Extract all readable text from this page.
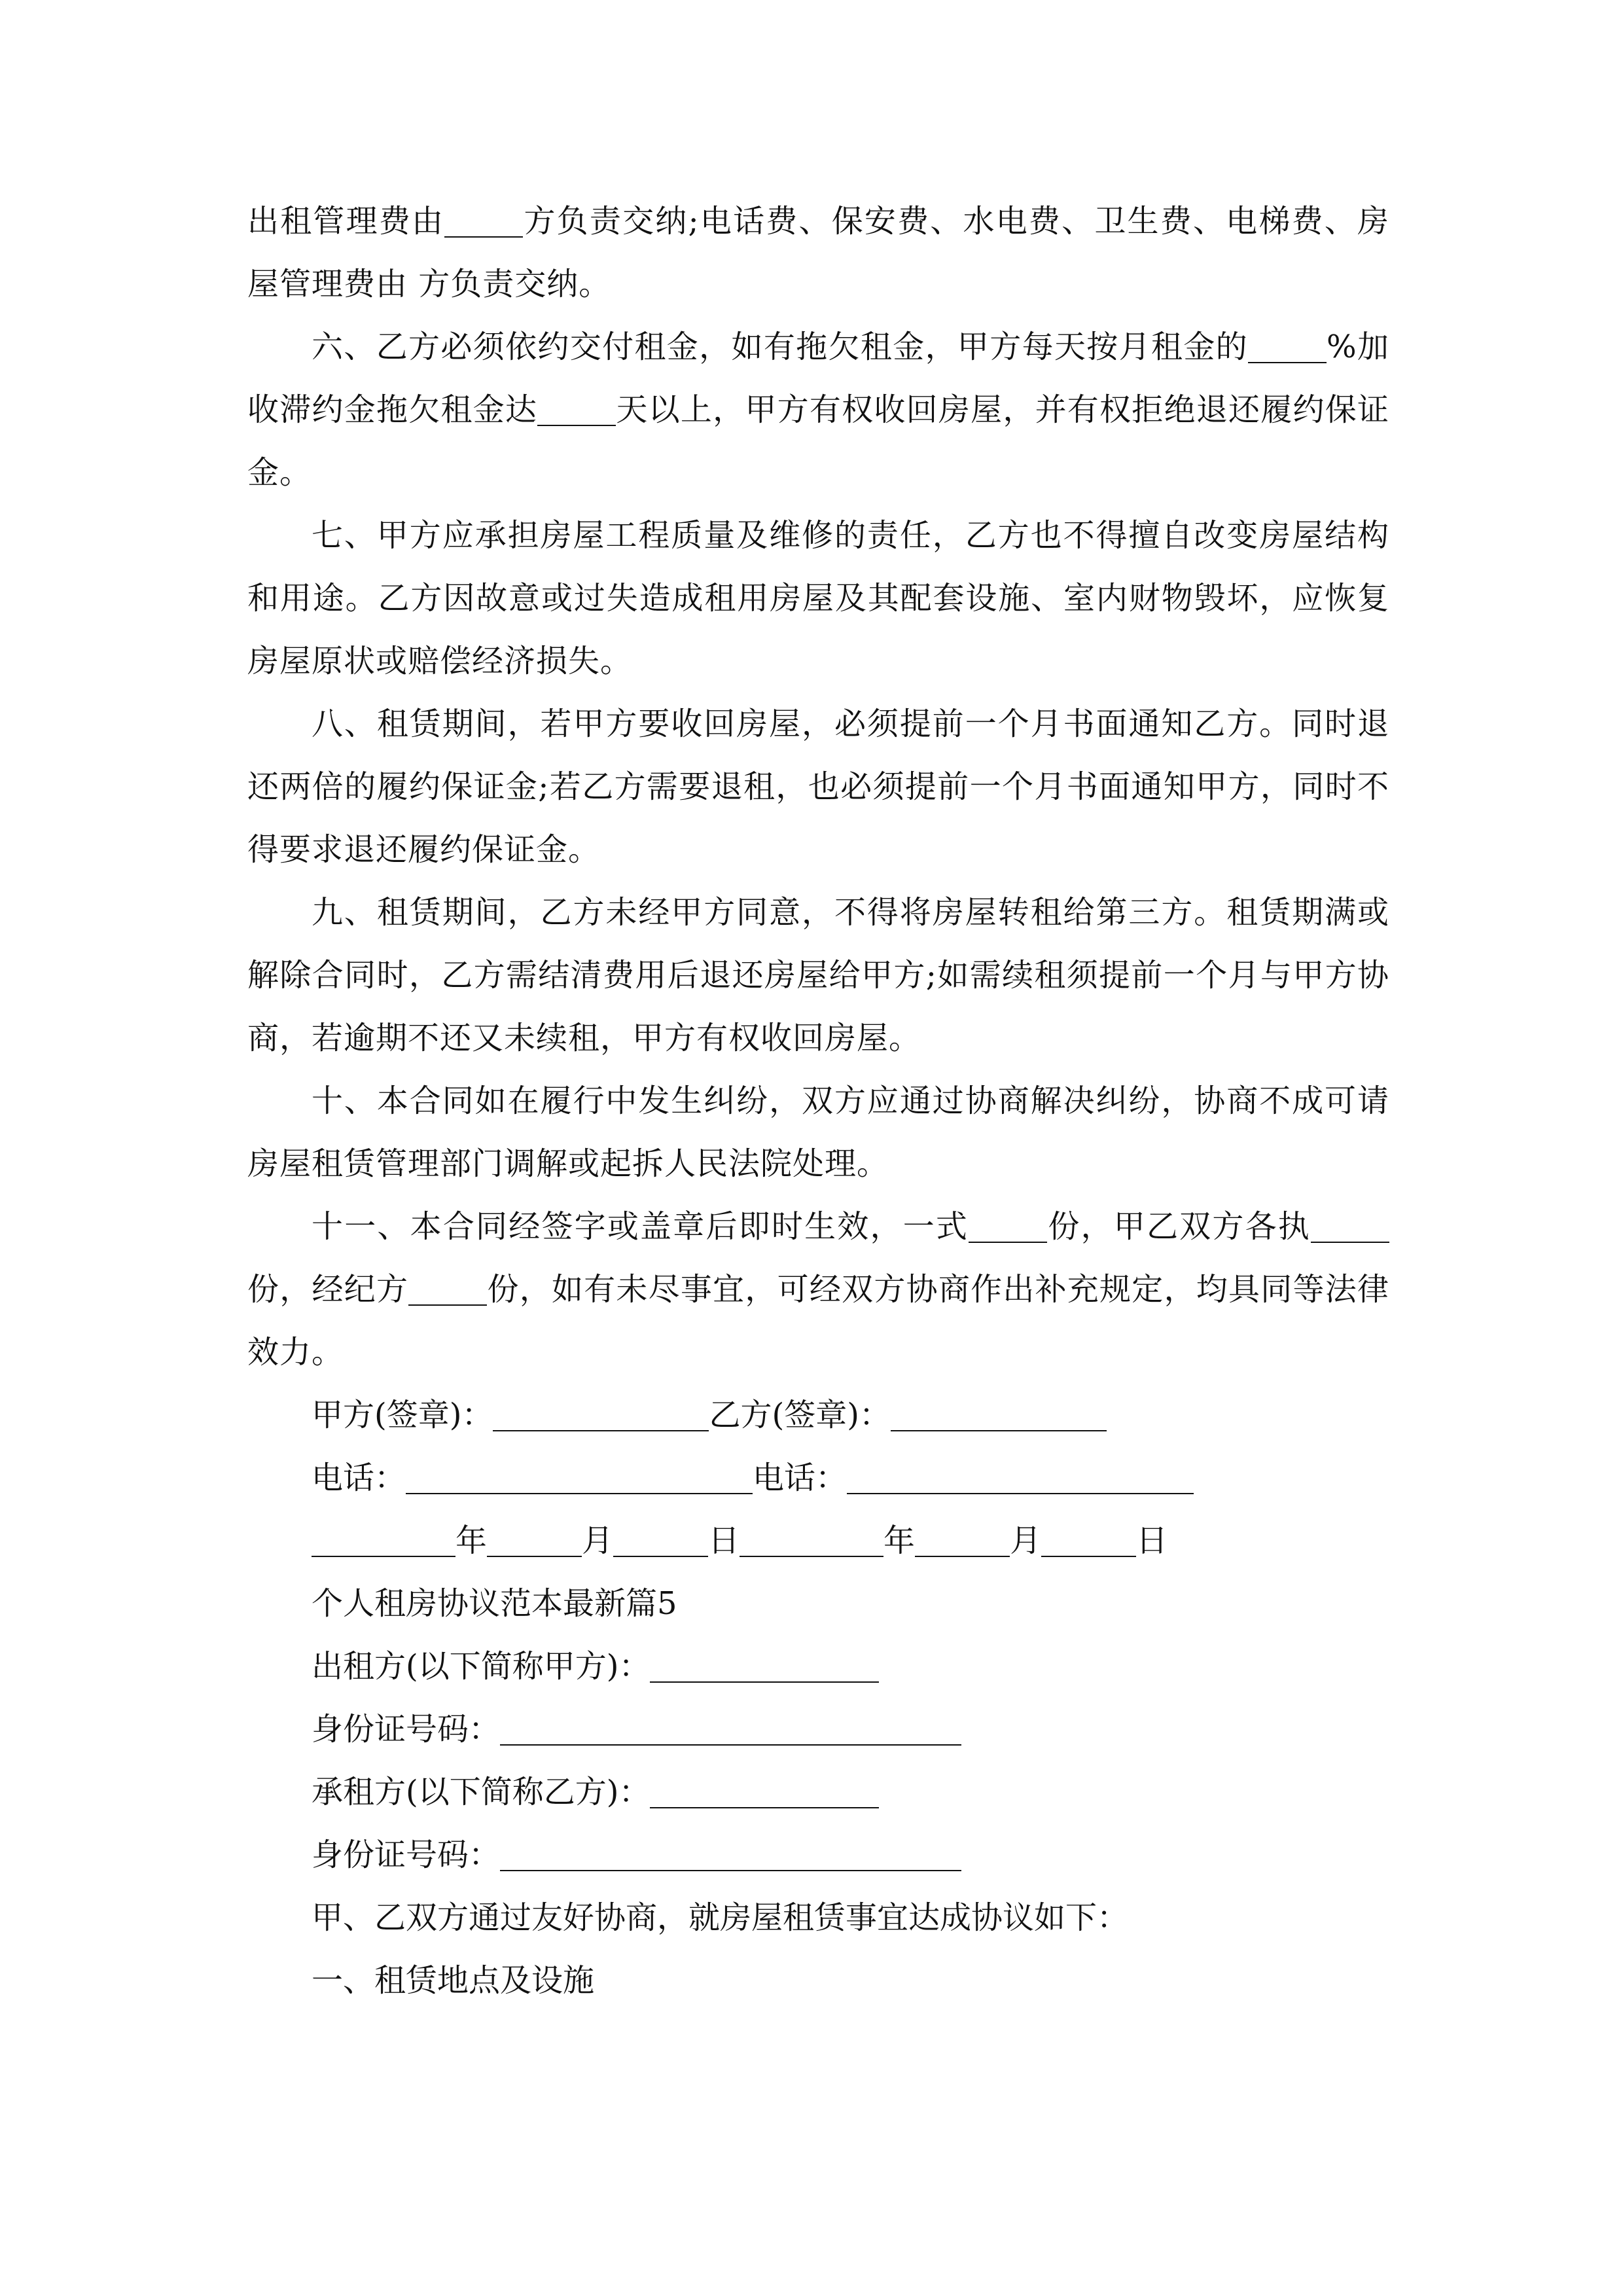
出租管理费由	方负责交纳;电话费、保安费、水电费、卫生费、电梯费、房屋管理费由 方负责交纳。

六、乙方必须依约交付租金，如有拖欠租金，甲方每天按月租金的	%加收滞约金拖欠租金达	天以上，甲方有权收回房屋，并有权拒绝退还履约保证金。

七、甲方应承担房屋工程质量及维修的责任，乙方也不得擅自改变房屋结构和用途。乙方因故意或过失造成租用房屋及其配套设施、室内财物毁坏，应恢复房屋原状或赔偿经济损失。

八、租赁期间，若甲方要收回房屋，必须提前一个月书面通知乙方。同时退还两倍的履约保证金;若乙方需要退租，也必须提前一个月书面通知甲方，同时不得要求退还履约保证金。

九、租赁期间，乙方未经甲方同意，不得将房屋转租给第三方。租赁期满或解除合同时，乙方需结清费用后退还房屋给甲方;如需续租须提前一个月与甲方协商，若逾期不还又未续租，甲方有权收回房屋。

十、本合同如在履行中发生纠纷，双方应通过协商解决纠纷，协商不成可请房屋租赁管理部门调解或起拆人民法院处理。

十一、本合同经签字或盖章后即时生效，一式	份，甲乙双方各执份，经纪方	份，如有未尽事宜，可经双方协商作出补充规定，均具同等法律效力。

甲方(签章)：	乙方(签章)：

电话：	电话：

年	月	日	年	月	日

个人租房协议范本最新篇5

出租方(以下简称甲方)：

身份证号码：

承租方(以下简称乙方)：

身份证号码：

甲、乙双方通过友好协商，就房屋租赁事宜达成协议如下：

一、租赁地点及设施
